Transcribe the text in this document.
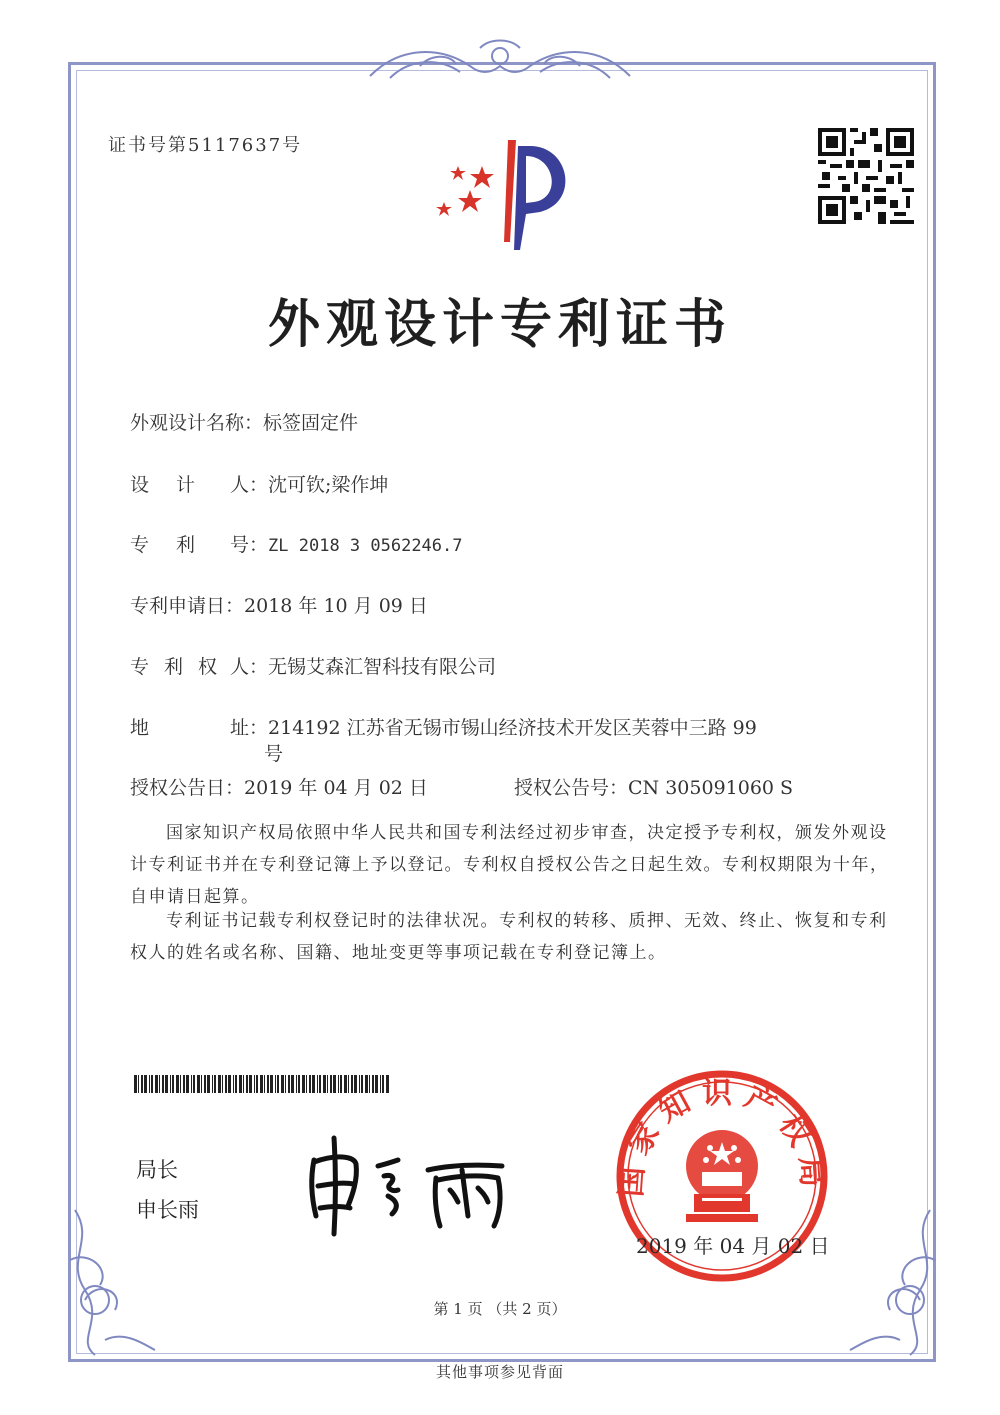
证书号第5117637号
外观设计专利证书
外观设计名称：标签固定件
设 计 人：沈可钦;梁作坤
专 利 号：ZL 2018 3 0562246.7
专利申请日：2018 年 10 月 09 日
专 利 权 人：无锡艾森汇智科技有限公司
地	址：214192 江苏省无锡市锡山经济技术开发区芙蓉中三路 99
号
授权公告日：2019 年 04 月 02 日	授权公告号：CN 305091060 S
国家知识产权局依照中华人民共和国专利法经过初步审查，决定授予专利权，颁发外观设计专利证书并在专利登记簿上予以登记。专利权自授权公告之日起生效。专利权期限为十年，自申请日起算。
专利证书记载专利权登记时的法律状况。专利权的转移、质押、无效、终止、恢复和专利权人的姓名或名称、国籍、地址变更等事项记载在专利登记簿上。
局长
申长雨
国家知识产权局
2019 年 04 月 02 日
第 1 页 （共 2 页）
其他事项参见背面
